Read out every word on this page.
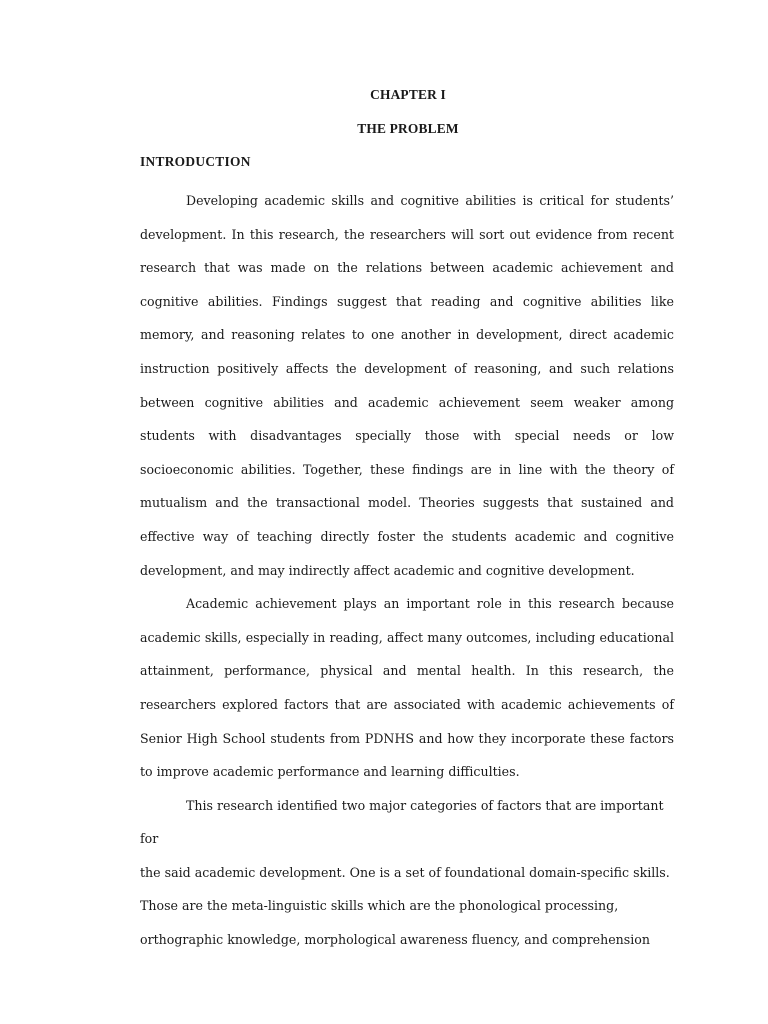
CHAPTER I
THE PROBLEM
INTRODUCTION

Developing academic skills and cognitive abilities is critical for students’ development. In this research, the researchers will sort out evidence from recent research that was made on the relations between academic achievement and cognitive abilities. Findings suggest that reading and cognitive abilities like memory, and reasoning relates to one another in development, direct academic instruction positively affects the development of reasoning, and such relations between cognitive abilities and academic achievement seem weaker among students with disadvantages specially those with special needs or low socioeconomic abilities. Together, these findings are in line with the theory of mutualism and the transactional model. Theories suggests that sustained and effective way of teaching directly foster the students academic and cognitive development, and may indirectly affect academic and cognitive development.

Academic achievement plays an important role in this research because academic skills, especially in reading, affect many outcomes, including educational attainment, performance, physical and mental health. In this research, the researchers explored factors that are associated with academic achievements of Senior High School students from PDNHS and how they incorporate these factors to improve academic performance and learning difficulties.

This research identified two major categories of factors that are important for
the said academic development. One is a set of foundational domain-specific skills.
Those are the meta-linguistic skills which are the phonological processing,
orthographic knowledge, morphological awareness fluency, and comprehension
